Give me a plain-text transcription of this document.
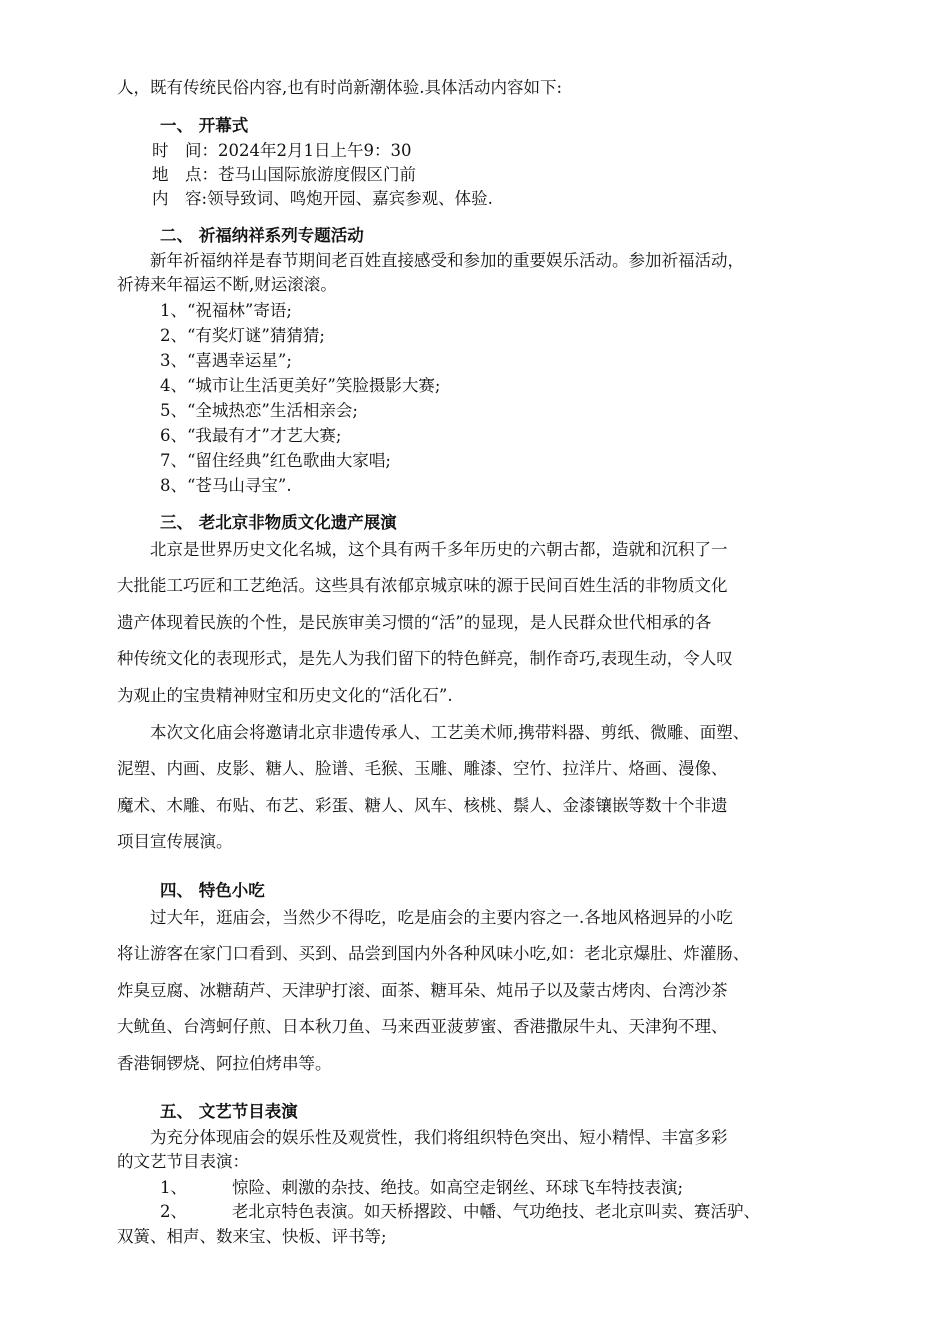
人，既有传统民俗内容,也有时尚新潮体验.具体活动内容如下:
一、 开幕式
时　间：2024年2月1日上午9：30
地　点：苍马山国际旅游度假区门前
内　容:领导致词、鸣炮开园、嘉宾参观、体验.
二、 祈福纳祥系列专题活动
新年祈福纳祥是春节期间老百姓直接感受和参加的重要娱乐活动。参加祈福活动，
祈祷来年福运不断,财运滚滚。
1、“祝福林”寄语;
2、“有奖灯谜”猜猜猜;
3、“喜遇幸运星”;
4、“城市让生活更美好”笑脸摄影大赛;
5、“全城热恋”生活相亲会;
6、“我最有才”才艺大赛;
7、“留住经典”红色歌曲大家唱;
8、“苍马山寻宝”.
三、 老北京非物质文化遗产展演
北京是世界历史文化名城，这个具有两千多年历史的六朝古都，造就和沉积了一
大批能工巧匠和工艺绝活。这些具有浓郁京城京味的源于民间百姓生活的非物质文化
遗产体现着民族的个性，是民族审美习惯的“活”的显现，是人民群众世代相承的各
种传统文化的表现形式，是先人为我们留下的特色鲜亮，制作奇巧,表现生动，令人叹
为观止的宝贵精神财宝和历史文化的“活化石”.
本次文化庙会将邀请北京非遗传承人、工艺美术师,携带料器、剪纸、微雕、面塑、
泥塑、内画、皮影、糖人、脸谱、毛猴、玉雕、雕漆、空竹、拉洋片、烙画、漫像、
魔术、木雕、布贴、布艺、彩蛋、糖人、风车、核桃、鬃人、金漆镶嵌等数十个非遗
项目宣传展演。
四、 特色小吃
过大年，逛庙会，当然少不得吃，吃是庙会的主要内容之一.各地风格迥异的小吃
将让游客在家门口看到、买到、品尝到国内外各种风味小吃,如：老北京爆肚、炸灌肠、
炸臭豆腐、冰糖葫芦、天津驴打滚、面茶、糖耳朵、炖吊子以及蒙古烤肉、台湾沙茶
大鱿鱼、台湾蚵仔煎、日本秋刀鱼、马来西亚菠萝蜜、香港撒尿牛丸、天津狗不理、
香港铜锣烧、阿拉伯烤串等。
五、 文艺节目表演
为充分体现庙会的娱乐性及观赏性，我们将组织特色突出、短小精悍、丰富多彩
的文艺节目表演：
1、	惊险、刺激的杂技、绝技。如高空走钢丝、环球飞车特技表演;
2、	老北京特色表演。如天桥撂跤、中幡、气功绝技、老北京叫卖、赛活驴、
双簧、相声、数来宝、快板、评书等;
